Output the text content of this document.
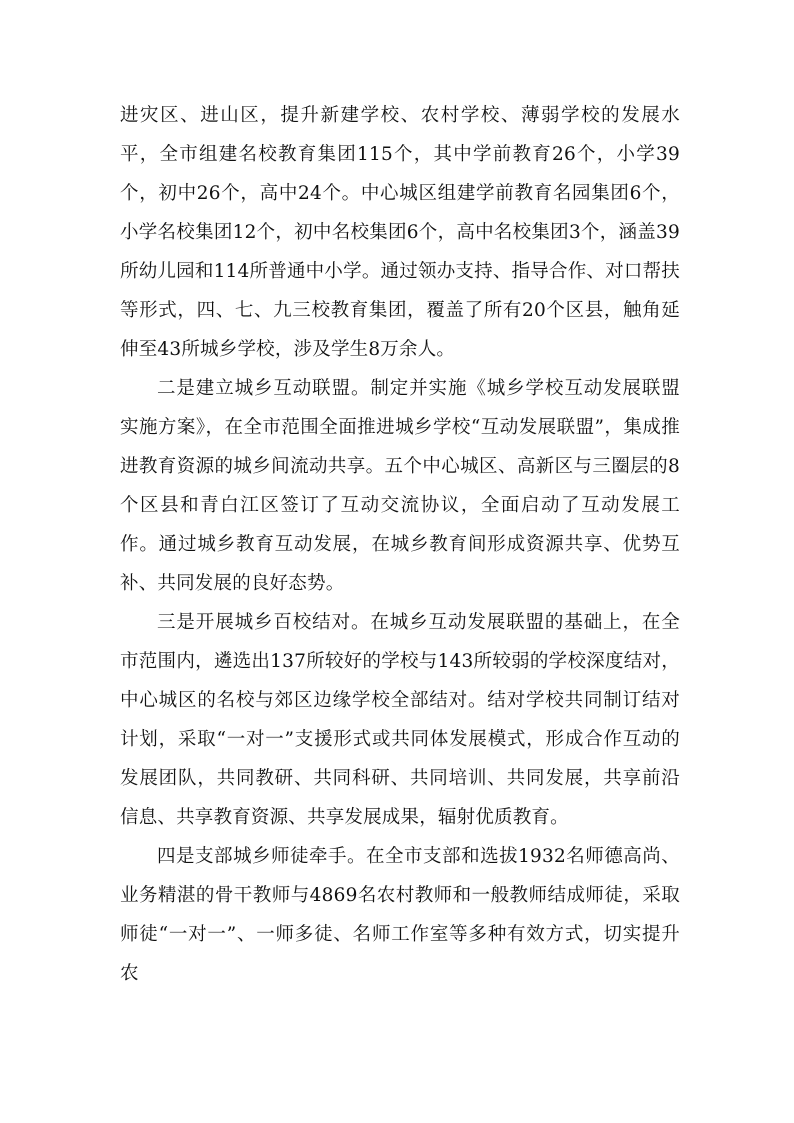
进灾区、进山区，提升新建学校、农村学校、薄弱学校的发展水平，全市组建名校教育集团115个，其中学前教育26个，小学39个，初中26个，高中24个。中心城区组建学前教育名园集团6个，小学名校集团12个，初中名校集团6个，高中名校集团3个，涵盖39所幼儿园和114所普通中小学。通过领办支持、指导合作、对口帮扶等形式，四、七、九三校教育集团，覆盖了所有20个区县，触角延伸至43所城乡学校，涉及学生8万余人。

二是建立城乡互动联盟。制定并实施《城乡学校互动发展联盟实施方案》，在全市范围全面推进城乡学校“互动发展联盟”，集成推进教育资源的城乡间流动共享。五个中心城区、高新区与三圈层的8个区县和青白江区签订了互动交流协议，全面启动了互动发展工作。通过城乡教育互动发展，在城乡教育间形成资源共享、优势互补、共同发展的良好态势。

三是开展城乡百校结对。在城乡互动发展联盟的基础上，在全市范围内，遴选出137所较好的学校与143所较弱的学校深度结对，中心城区的名校与郊区边缘学校全部结对。结对学校共同制订结对计划，采取“一对一”支援形式或共同体发展模式，形成合作互动的发展团队，共同教研、共同科研、共同培训、共同发展，共享前沿信息、共享教育资源、共享发展成果，辐射优质教育。

四是支部城乡师徒牵手。在全市支部和选拔1932名师德高尚、业务精湛的骨干教师与4869名农村教师和一般教师结成师徒，采取师徒“一对一”、一师多徒、名师工作室等多种有效方式，切实提升农
